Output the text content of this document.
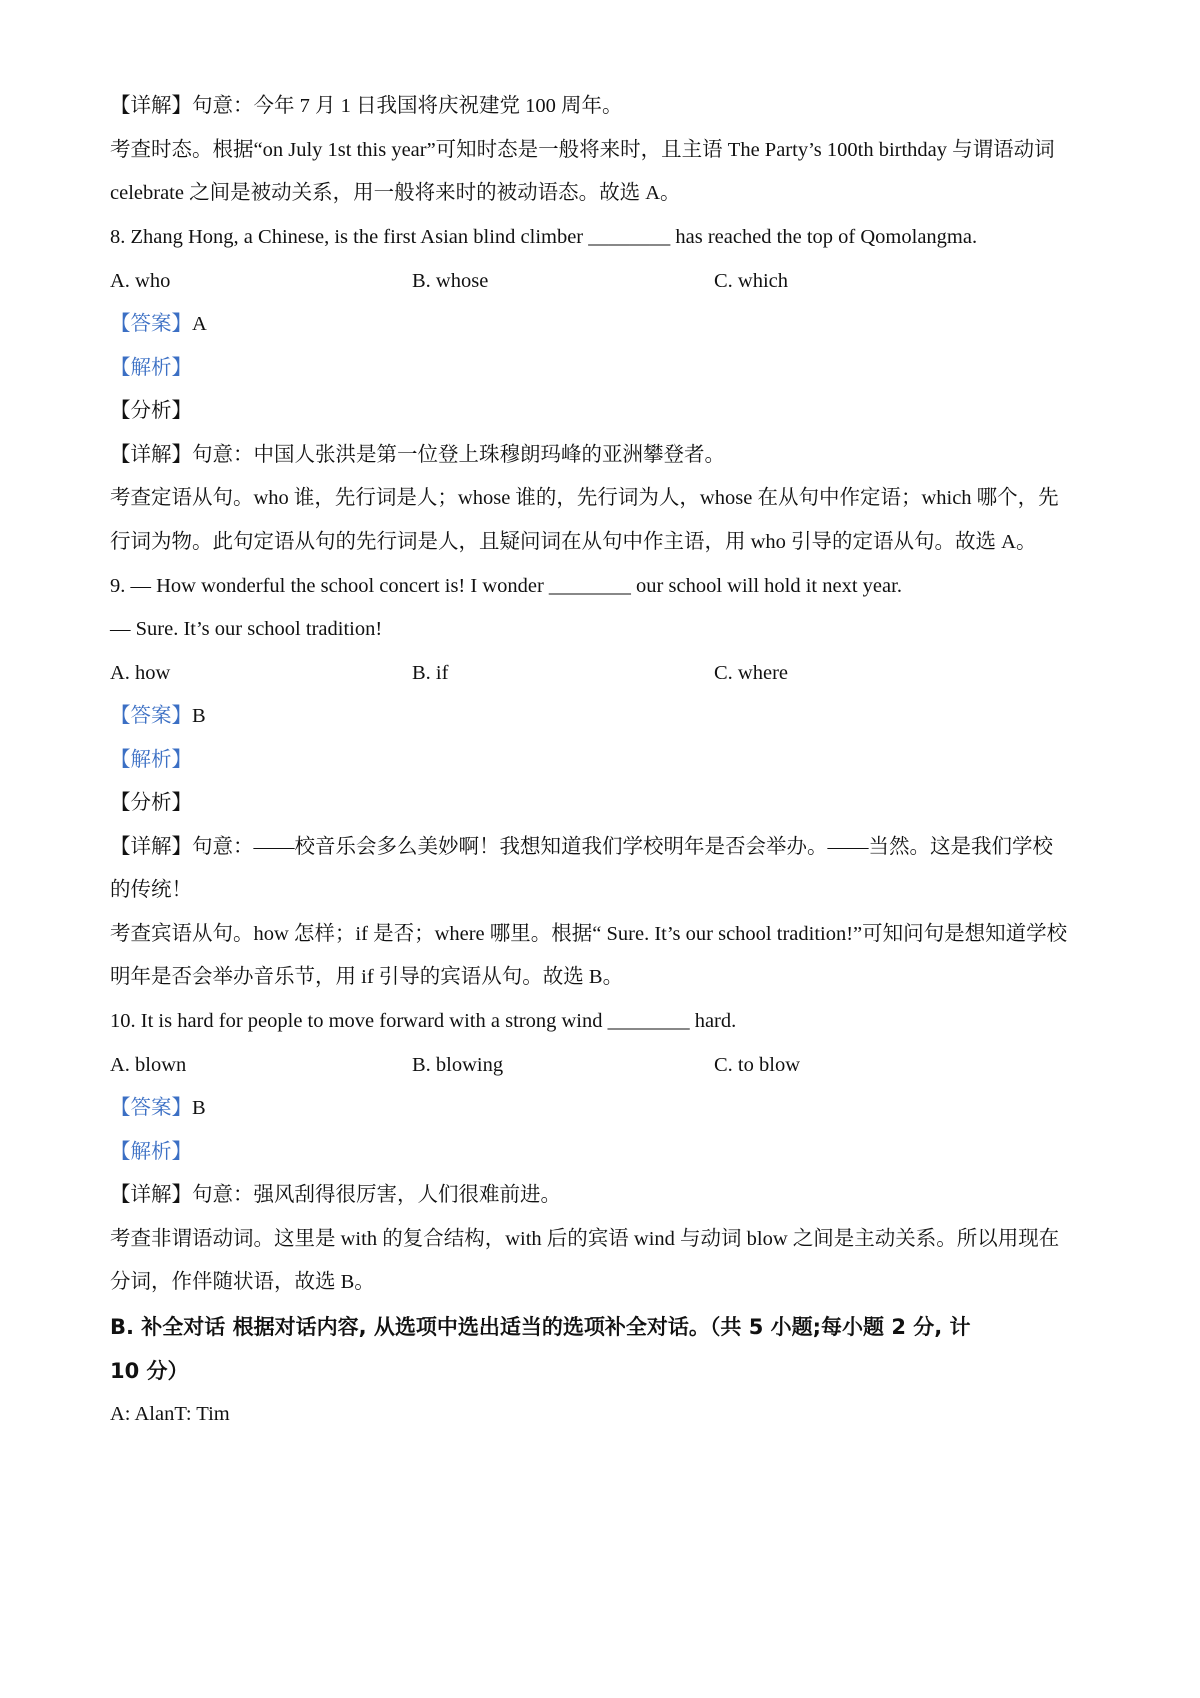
【详解】句意：今年 7 月 1 日我国将庆祝建党 100 周年。
考查时态。根据“on July 1st this year”可知时态是一般将来时，且主语 The Party’s 100th birthday 与谓语动词
celebrate 之间是被动关系，用一般将来时的被动语态。故选 A。
8. Zhang Hong, a Chinese, is the first Asian blind climber ________ has reached the top of Qomolangma.
A. who	B. whose	C. which
【答案】A
【解析】
【分析】
【详解】句意：中国人张洪是第一位登上珠穆朗玛峰的亚洲攀登者。
考查定语从句。who 谁，先行词是人；whose 谁的，先行词为人，whose 在从句中作定语；which 哪个，先
行词为物。此句定语从句的先行词是人，且疑问词在从句中作主语，用 who 引导的定语从句。故选 A。
9. — How wonderful the school concert is! I wonder ________ our school will hold it next year.
— Sure. It’s our school tradition!
A. how	B. if	C. where
【答案】B
【解析】
【分析】
【详解】句意：——校音乐会多么美妙啊！我想知道我们学校明年是否会举办。——当然。这是我们学校
的传统！
考查宾语从句。how 怎样；if 是否；where 哪里。根据“ Sure. It’s our school tradition!”可知问句是想知道学校
明年是否会举办音乐节，用 if 引导的宾语从句。故选 B。
10. It is hard for people to move forward with a strong wind ________ hard.
A. blown	B. blowing	C. to blow
【答案】B
【解析】
【详解】句意：强风刮得很厉害，人们很难前进。
考查非谓语动词。这里是 with 的复合结构，with 后的宾语 wind 与动词 blow 之间是主动关系。所以用现在
分词，作伴随状语，故选 B。
B. 补全对话 根据对话内容, 从选项中选出适当的选项补全对话。（共 5 小题;每小题 2 分, 计
10 分）
A: AlanT: Tim
